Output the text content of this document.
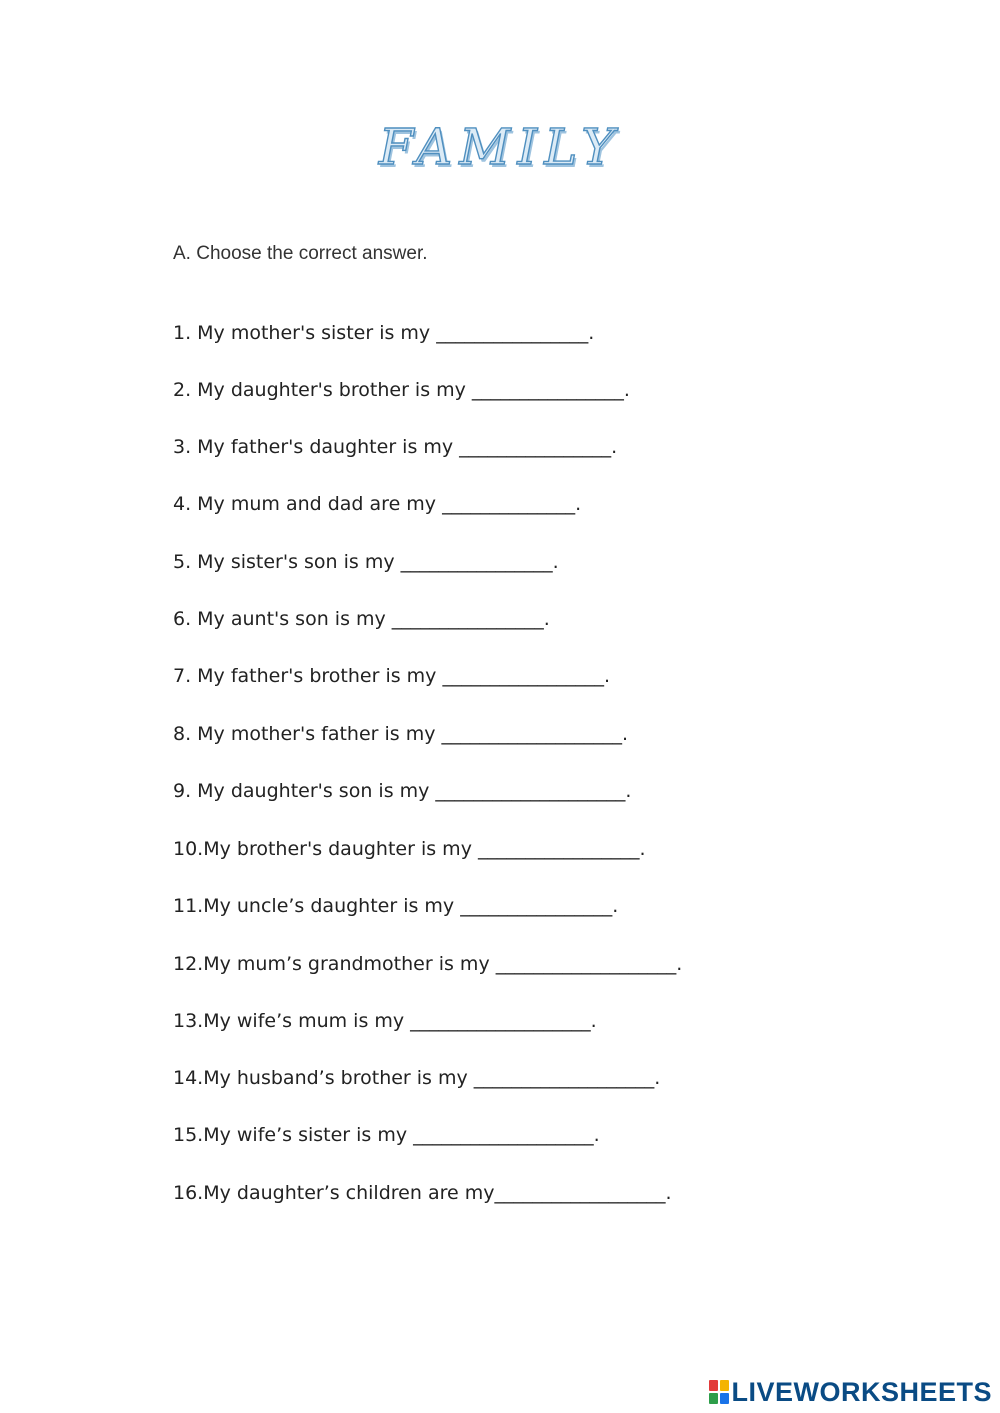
FAMILY
A. Choose the correct answer.
1. My mother's sister is my ________________.
2. My daughter's brother is my ________________.
3. My father's daughter is my ________________.
4. My mum and dad are my ______________.
5. My sister's son is my ________________.
6. My aunt's son is my ________________.
7. My father's brother is my _________________.
8. My mother's father is my ___________________.
9. My daughter's son is my ____________________.
10.My brother's daughter is my _________________.
11.My uncle’s daughter is my ________________.
12.My mum’s grandmother is my ___________________.
13.My wife’s mum is my ___________________.
14.My husband’s brother is my ___________________.
15.My wife’s sister is my ___________________.
16.My daughter’s children are my__________________.
LIVEWORKSHEETS
